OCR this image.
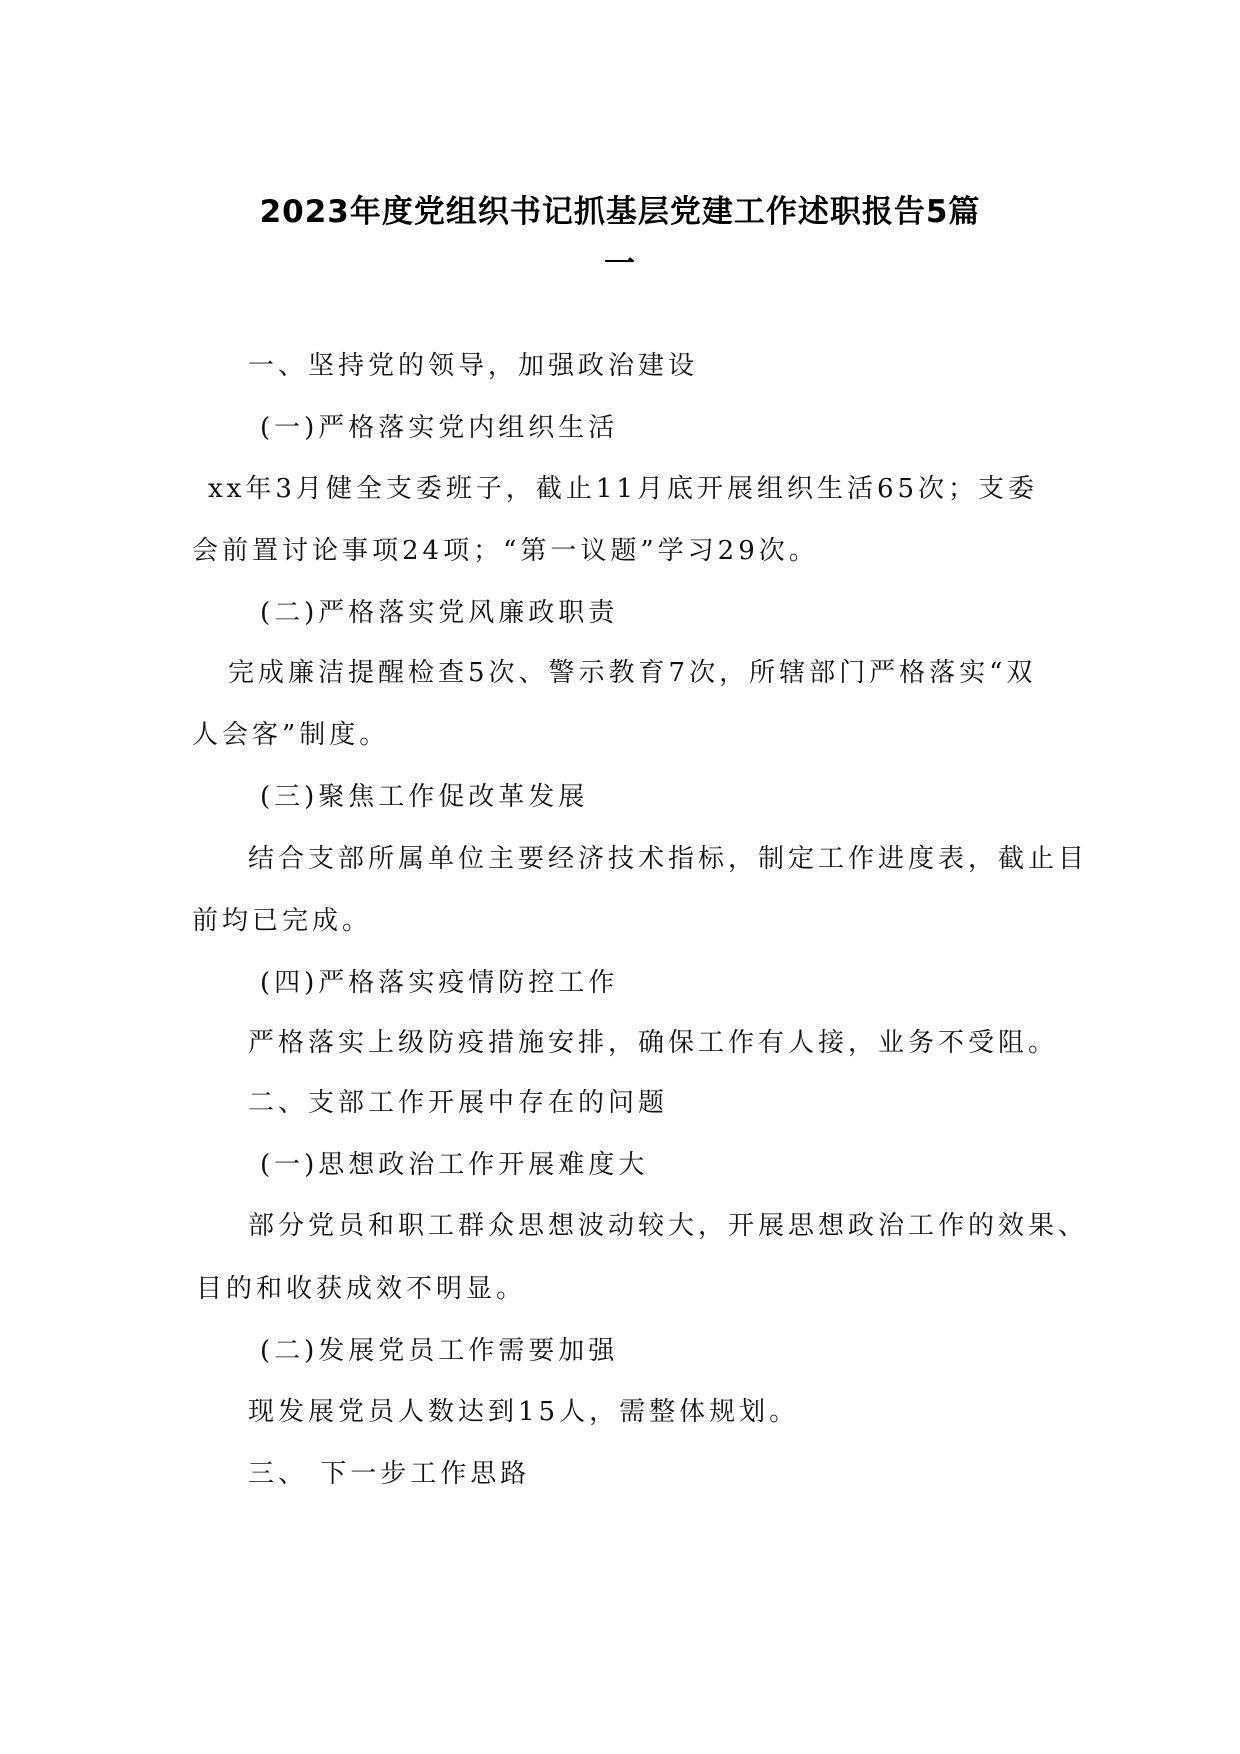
2023年度党组织书记抓基层党建工作述职报告5篇
一
一、坚持党的领导，加强政治建设
(一)严格落实党内组织生活
xx年3月健全支委班子，截止11月底开展组织生活65次；支委
会前置讨论事项24项；“第一议题”学习29次。
(二)严格落实党风廉政职责
完成廉洁提醒检查5次、警示教育7次，所辖部门严格落实“双
人会客”制度。
(三)聚焦工作促改革发展
结合支部所属单位主要经济技术指标，制定工作进度表，截止目
前均已完成。
(四)严格落实疫情防控工作
严格落实上级防疫措施安排，确保工作有人接，业务不受阻。
二、支部工作开展中存在的问题
(一)思想政治工作开展难度大
部分党员和职工群众思想波动较大，开展思想政治工作的效果、
目的和收获成效不明显。
(二)发展党员工作需要加强
现发展党员人数达到15人，需整体规划。
三、 下一步工作思路
